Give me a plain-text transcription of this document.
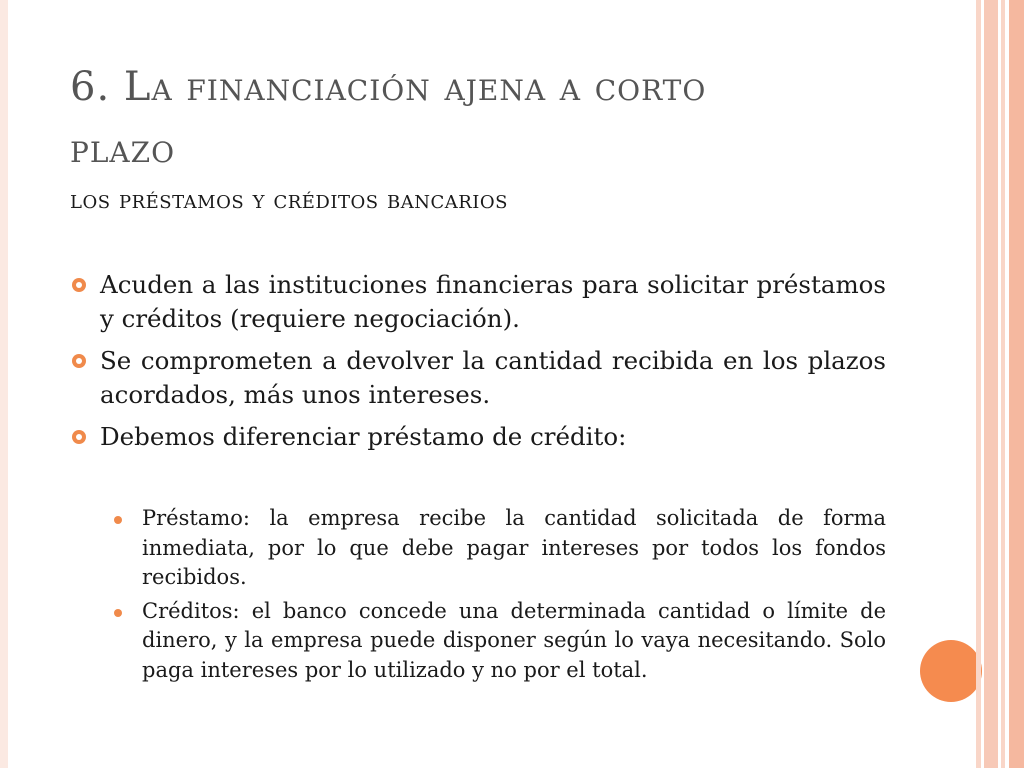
6. La financiación ajena a corto
plazo
los préstamos y créditos bancarios
Acuden a las instituciones financieras para solicitar préstamos y créditos (requiere negociación).
Se comprometen a devolver la cantidad recibida en los plazos acordados, más unos intereses.
Debemos diferenciar préstamo de crédito:
Préstamo: la empresa recibe la cantidad solicitada de forma inmediata, por lo que debe pagar intereses por todos los fondos recibidos.
Créditos: el banco concede una determinada cantidad o límite de dinero, y la empresa puede disponer según lo vaya necesitando. Solo paga intereses por lo utilizado y no por el total.
